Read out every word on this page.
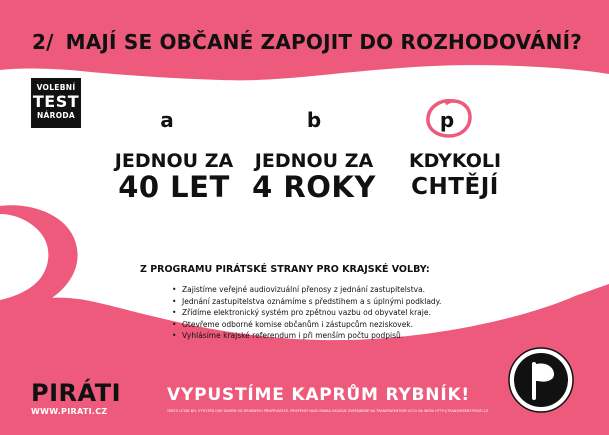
2/ MAJÍ SE OBČANÉ ZAPOJIT DO ROZHODOVÁNÍ?
VOLEBNÍ
TEST
NÁRODA	a	b	p
JEDNOU ZA
40 LET
JEDNOU ZA
4 ROKY
KDYKOLI
CHTĚJÍ
Z PROGRAMU PIRÁTSKÉ STRANY PRO KRAJSKÉ VOLBY:
• Zajistíme veřejné audiovizuální přenosy z jednání zastupitelstva.
• Jednání zastupitelstva oznámíme s předstihem a s úplnými podklady.
• Zřídíme elektronický systém pro zpětnou vazbu od obyvatel kraje.
• Otevřeme odborné komise občanům i zástupcům neziskovek.
• Vyhlásíme krajské referendum i při menším počtu podpisů.
PIRÁTI
WWW.PIRATI.CZ
VYPUSTÍME KAPRŮM RYBNÍK!
TENTO LETÁK BYL VYTIŠTĚN DÍKY DARŮM OD DROBNÝCH PŘISPĚVATELŮ. PŘISPĚVKY NAŠE BANKA UKAZUJE ZVEŘEJNĚNÉ NA TRANSPARENTNÍM ÚČTU NA WEBU HTTP://TRANSPARENT.PIRATI.CZ
